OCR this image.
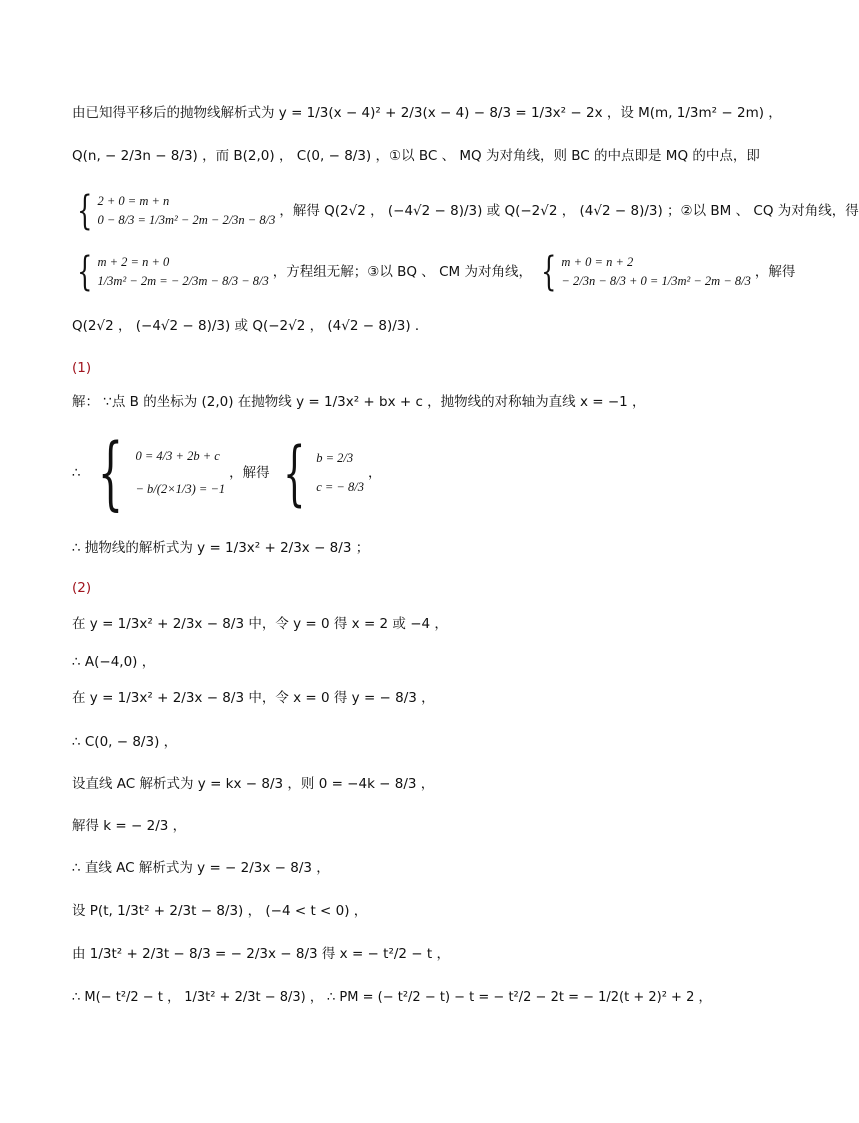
由已知得平移后的抛物线解析式为 y = 1/3(x − 4)² + 2/3(x − 4) − 8/3 = 1/3x² − 2x ，设 M(m, 1/3m² − 2m) ，
Q(n, − 2/3n − 8/3) ，而 B(2,0) ， C(0, − 8/3) ，①以 BC 、 MQ 为对角线，则 BC 的中点即是 MQ 的中点，即
{ 2 + 0 = m + n
0 − 8/3 = 1/3m² − 2m − 2/3n − 8/3
，解得 Q(2√2 ， (−4√2 − 8)/3) 或 Q(−2√2 ， (4√2 − 8)/3) ；②以 BM 、 CQ 为对角线，得
{ m + 2 = n + 0
1/3m² − 2m = − 2/3m − 8/3 − 8/3
，方程组无解；③以 BQ 、 CM 为对角线， { m + 0 = n + 2
− 2/3n − 8/3 + 0 = 1/3m² − 2m − 8/3
，解得
Q(2√2 ， (−4√2 − 8)/3) 或 Q(−2√2 ， (4√2 − 8)/3) ．
(1)
解： ∵点 B 的坐标为 (2,0) 在抛物线 y = 1/3x² + bx + c ，抛物线的对称轴为直线 x = −1 ，
∴ { 0 = 4/3 + 2b + c
− b/(2×1/3) = −1
，解得 { b = 2/3
c = − 8/3
，
∴ 抛物线的解析式为 y = 1/3x² + 2/3x − 8/3 ；
(2)
在 y = 1/3x² + 2/3x − 8/3 中，令 y = 0 得 x = 2 或 −4 ，
∴ A(−4,0) ，
在 y = 1/3x² + 2/3x − 8/3 中，令 x = 0 得 y = − 8/3 ，
∴ C(0, − 8/3) ，
设直线 AC 解析式为 y = kx − 8/3 ，则 0 = −4k − 8/3 ，
解得 k = − 2/3 ，
∴ 直线 AC 解析式为 y = − 2/3x − 8/3 ，
设 P(t, 1/3t² + 2/3t − 8/3) ， (−4 < t < 0) ，
由 1/3t² + 2/3t − 8/3 = − 2/3x − 8/3 得 x = − t²/2 − t ，
∴ M(− t²/2 − t ， 1/3t² + 2/3t − 8/3) ， ∴ PM = (− t²/2 − t) − t = − t²/2 − 2t = − 1/2(t + 2)² + 2 ，
